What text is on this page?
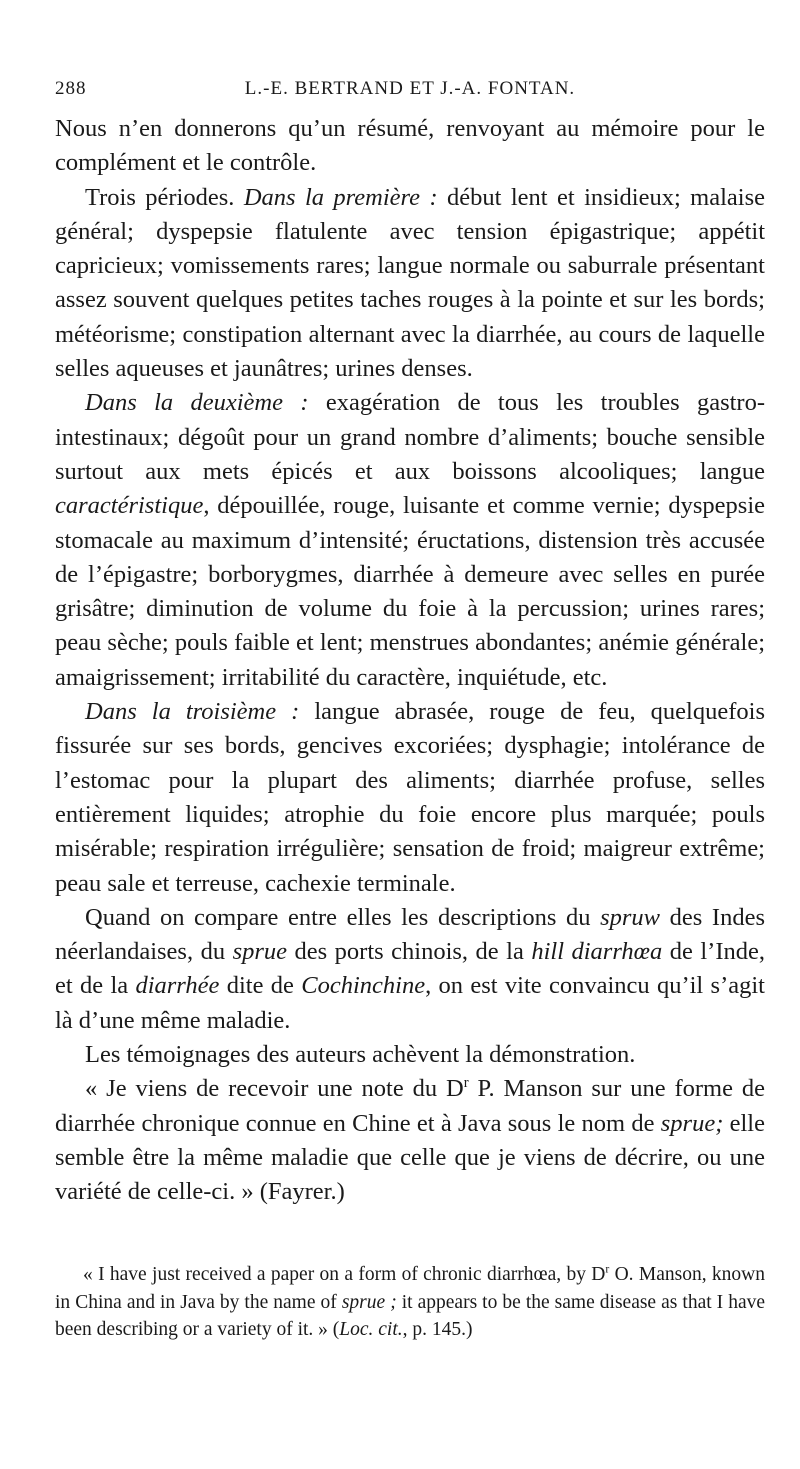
288	L.-E. BERTRAND ET J.-A. FONTAN.

Nous n’en donnerons qu’un résumé, renvoyant au mémoire pour le complément et le contrôle.

Trois périodes. Dans la première : début lent et insidieux; malaise général; dyspepsie flatulente avec tension épigastrique; appétit capricieux; vomissements rares; langue normale ou saburrale présentant assez souvent quelques petites taches rouges à la pointe et sur les bords; météorisme; constipation alternant avec la diarrhée, au cours de laquelle selles aqueuses et jaunâtres; urines denses.

Dans la deuxième : exagération de tous les troubles gastro-intestinaux; dégoût pour un grand nombre d’aliments; bouche sensible surtout aux mets épicés et aux boissons alcooliques; langue caractéristique, dépouillée, rouge, luisante et comme vernie; dyspepsie stomacale au maximum d’intensité; éructations, distension très accusée de l’épigastre; borborygmes, diarrhée à demeure avec selles en purée grisâtre; diminution de volume du foie à la percussion; urines rares; peau sèche; pouls faible et lent; menstrues abondantes; anémie générale; amaigrissement; irritabilité du caractère, inquiétude, etc.

Dans la troisième : langue abrasée, rouge de feu, quelquefois fissurée sur ses bords, gencives excoriées; dysphagie; intolérance de l’estomac pour la plupart des aliments; diarrhée profuse, selles entièrement liquides; atrophie du foie encore plus marquée; pouls misérable; respiration irrégulière; sensation de froid; maigreur extrême; peau sale et terreuse, cachexie terminale.

Quand on compare entre elles les descriptions du spruw des Indes néerlandaises, du sprue des ports chinois, de la hill diarrhœa de l’Inde, et de la diarrhée dite de Cochinchine, on est vite convaincu qu’il s’agit là d’une même maladie.

Les témoignages des auteurs achèvent la démonstration.

« Je viens de recevoir une note du $D^r$ P. Manson sur une forme de diarrhée chronique connue en Chine et à Java sous le nom de sprue; elle semble être la même maladie que celle que je viens de décrire, ou une variété de celle-ci. » (Fayrer.)

« I have just received a paper on a form of chronic diarrhœa, by $D^r$ O. Manson, known in China and in Java by the name of sprue ; it appears to be the same disease as that I have been describing or a variety of it. » (Loc. cit., p. 145.)
